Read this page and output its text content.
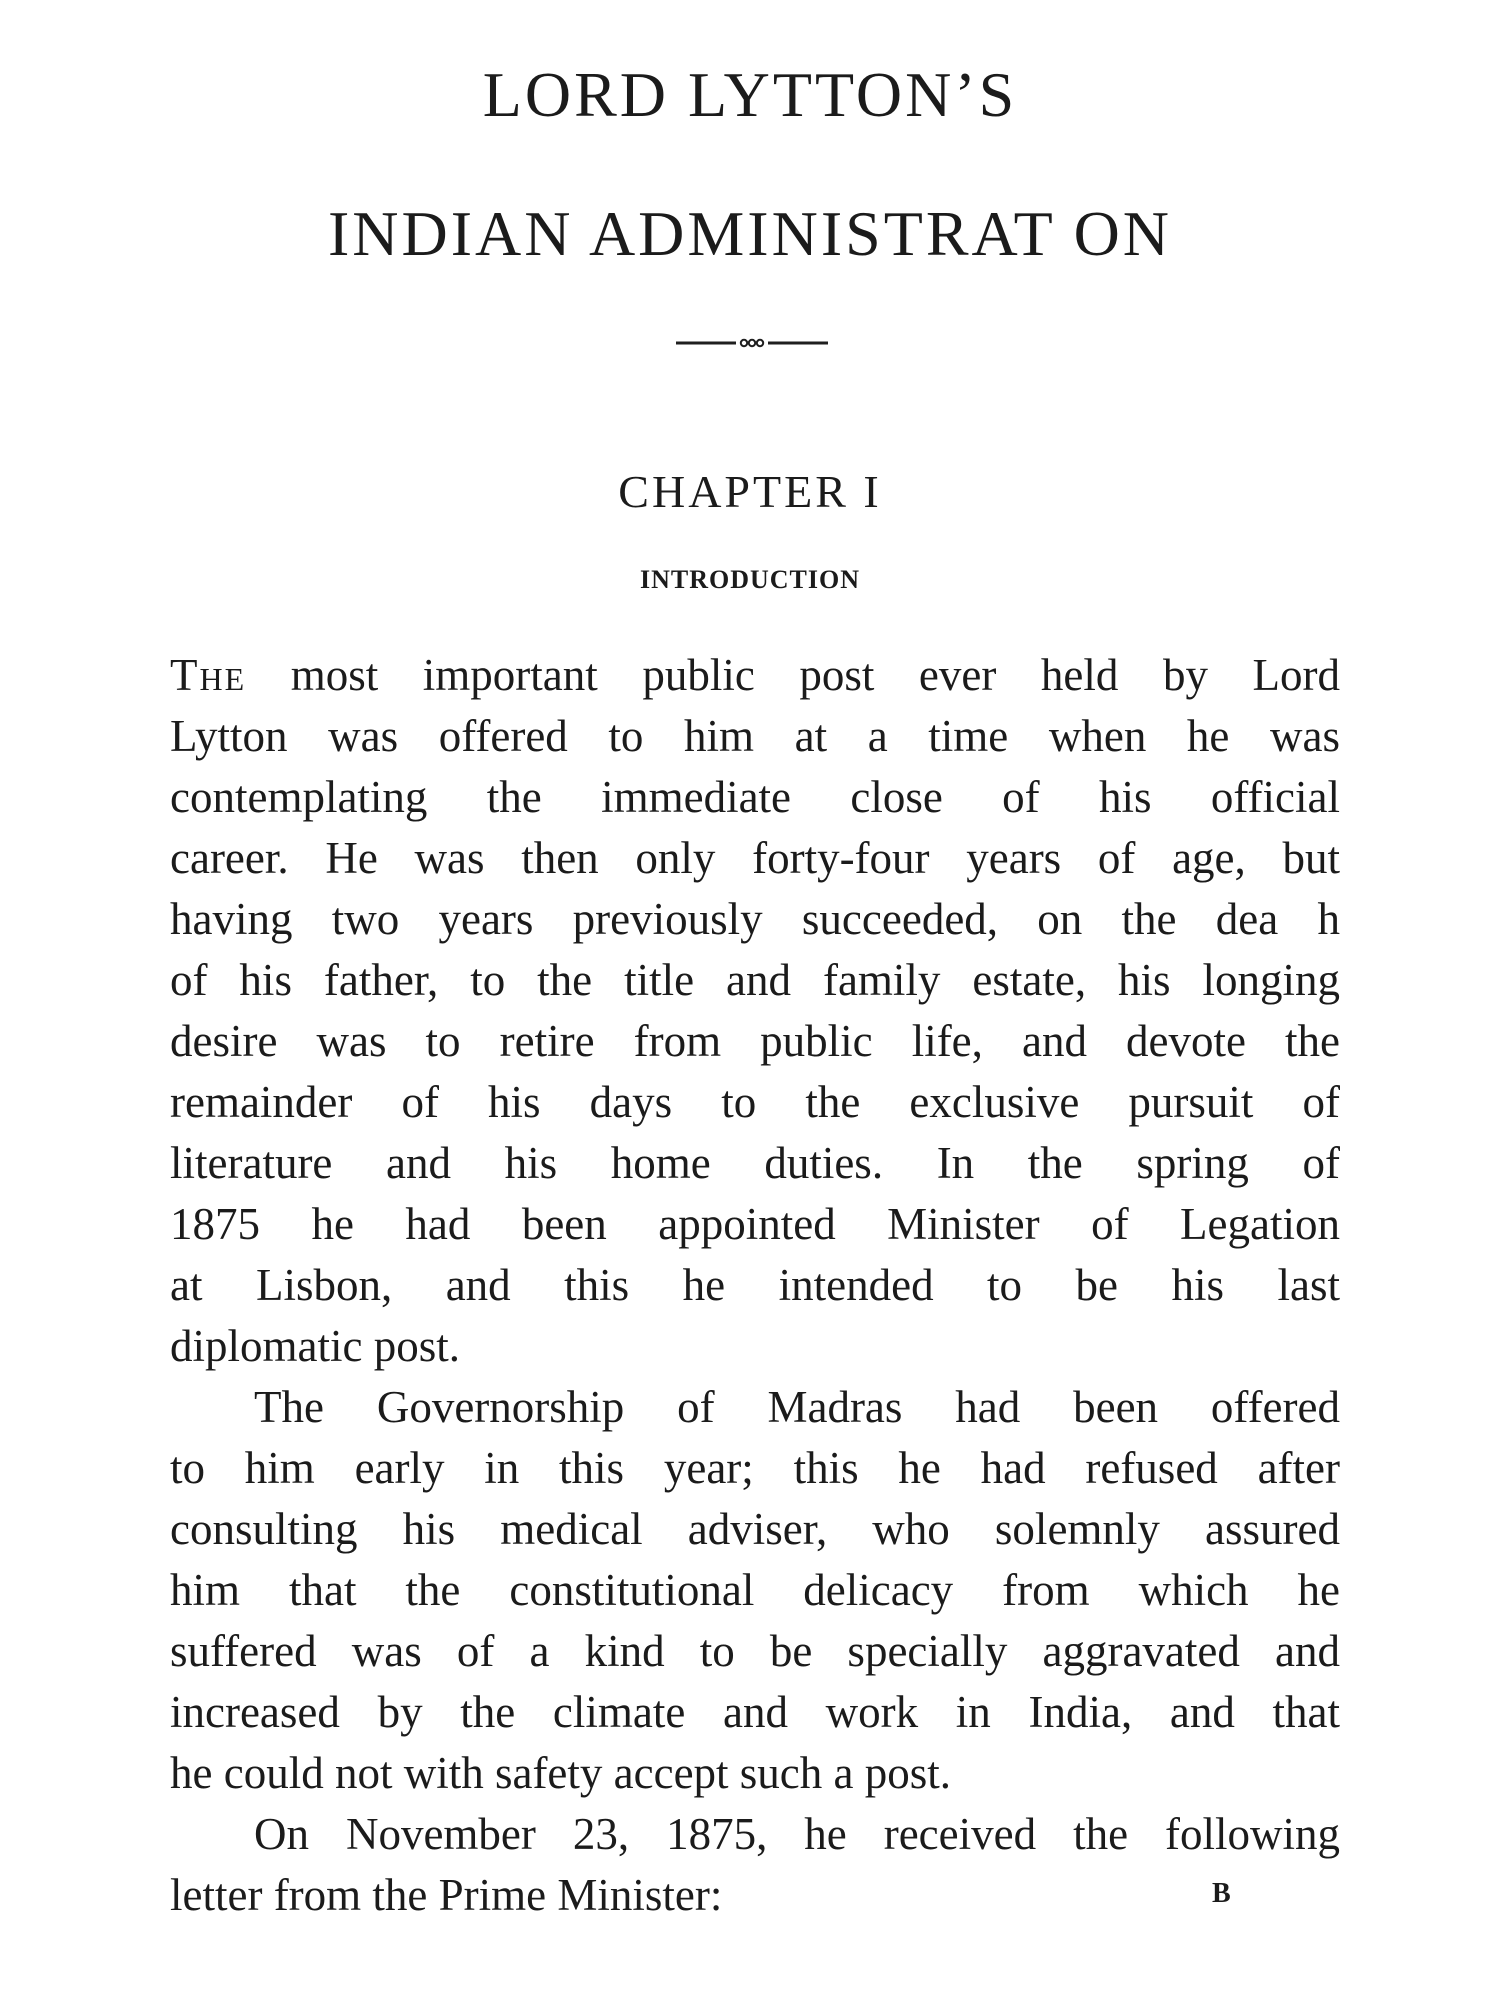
LORD LYTTON’S
INDIAN ADMINISTRAT ON
CHAPTER I
INTRODUCTION
The most important public post ever held by Lord
Lytton was offered to him at a time when he was
contemplating the immediate close of his official
career. He was then only forty-four years of age, but
having two years previously succeeded, on the dea h
of his father, to the title and family estate, his longing
desire was to retire from public life, and devote the
remainder of his days to the exclusive pursuit of
literature and his home duties. In the spring of
1875 he had been appointed Minister of Legation
at Lisbon, and this he intended to be his last
diplomatic post.
The Governorship of Madras had been offered
to him early in this year; this he had refused after
consulting his medical adviser, who solemnly assured
him that the constitutional delicacy from which he
suffered was of a kind to be specially aggravated and
increased by the climate and work in India, and that
he could not with safety accept such a post.
On November 23, 1875, he received the following
letter from the Prime Minister:	B
